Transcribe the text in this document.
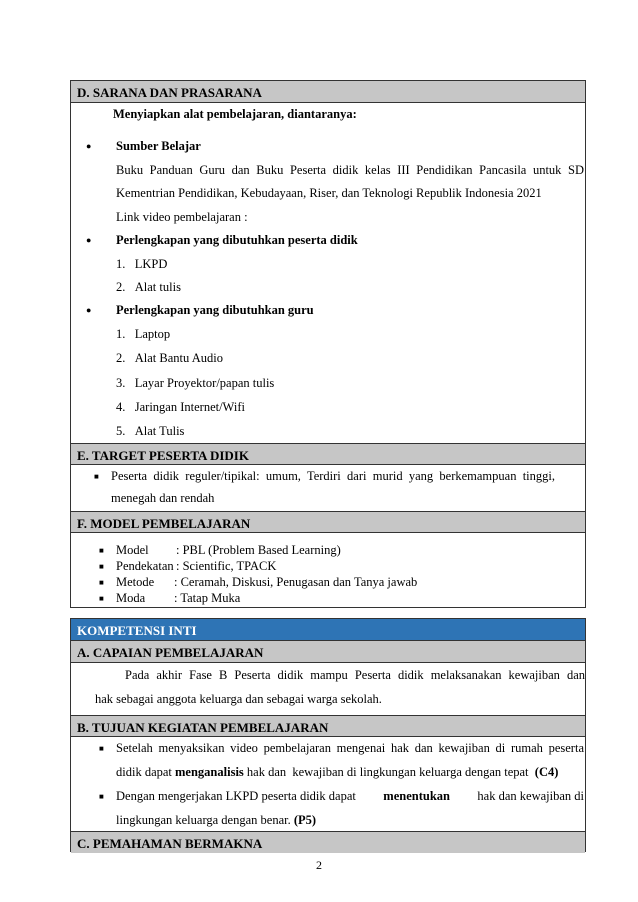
D. SARANA DAN PRASARANA
Menyiapkan alat pembelajaran, diantaranya:
● Sumber Belajar
Buku Panduan Guru dan Buku Peserta didik kelas III Pendidikan Pancasila untuk SD
Kementrian Pendidikan, Kebudayaan, Riser, dan Teknologi Republik Indonesia 2021
Link video pembelajaran :
● Perlengkapan yang dibutuhkan peserta didik
1.   LKPD
2.   Alat tulis
● Perlengkapan yang dibutuhkan guru
1.   Laptop
2.   Alat Bantu Audio
3.   Layar Proyektor/papan tulis
4.   Jaringan Internet/Wifi
5.   Alat Tulis
E. TARGET PESERTA DIDIK
■ Peserta didik reguler/tipikal: umum, Terdiri dari murid yang berkemampuan tinggi,
menegah dan rendah
F. MODEL PEMBELAJARAN
■ Model : PBL (Problem Based Learning)
■ Pendekatan : Scientific, TPACK
■ Metode : Ceramah, Diskusi, Penugasan dan Tanya jawab
■ Moda : Tatap Muka
KOMPETENSI INTI
A. CAPAIAN PEMBELAJARAN
Pada akhir Fase B Peserta didik mampu Peserta didik melaksanakan kewajiban dan
hak sebagai anggota keluarga dan sebagai warga sekolah.
B. TUJUAN KEGIATAN PEMBELAJARAN
■ Setelah menyaksikan video pembelajaran mengenai hak dan kewajiban di rumah peserta
didik dapat menganalisis hak dan  kewajiban di lingkungan keluarga dengan tepat  (C4)
■ Dengan mengerjakan LKPD peserta didik dapat menentukan hak dan kewajiban di
lingkungan keluarga dengan benar. (P5)
C. PEMAHAMAN BERMAKNA
2
